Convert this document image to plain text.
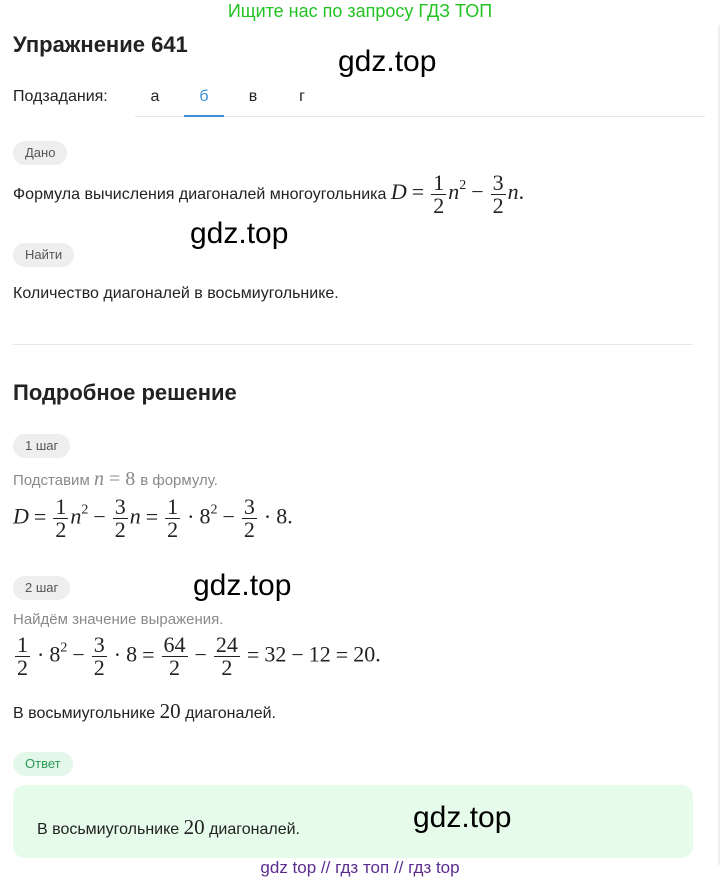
Ищите нас по запросу ГДЗ ТОП
Упражнение 641
gdz.top
Подзадания:	а	б	в	г
Дано
Формула вычисления диагоналей многоугольника $D = \frac{1}{2} n^2 - \frac{3}{2} n$.
gdz.top
Найти
Количество диагоналей в восьмиугольнике.
Подробное решение
1 шаг
Подставим n = 8 в формулу.
$D = \frac{1}{2} n^2 - \frac{3}{2}$ $n = \frac{1}{2} \cdot 8^2 - \frac{3}{2} \cdot 8$.
gdz.top
2 шаг
Найдём значение выражения.
$\frac{1}{2} \cdot 8^2 - \frac{3}{2} \cdot 8 = \frac{64}{2} - \frac{24}{2} = 32 - 12 = 20$.
В восьмиугольнике 20 диагоналей.
Ответ
В восьмиугольнике 20 диагоналей.	gdz.top
gdz top // гдз топ // гдз top
